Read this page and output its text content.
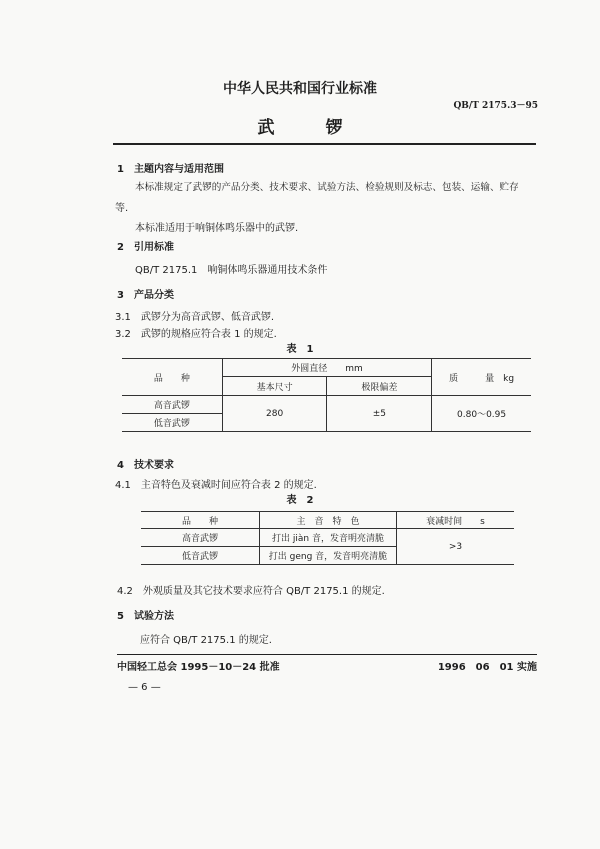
中华人民共和国行业标准
QB/T 2175.3－95
武　　　锣
1　主题内容与适用范围
本标准规定了武锣的产品分类、技术要求、试验方法、检验规则及标志、包装、运输、贮存
等.
本标准适用于响铜体鸣乐器中的武锣.
2　引用标准
QB/T 2175.1　响铜体鸣乐器通用技术条件
3　产品分类
3.1　武锣分为高音武锣、低音武锣.
3.2　武锣的规格应符合表 1 的规定.
表　1
品　　种	外圆直径　　mm		质　　　量　kg
	基本尺寸	极限偏差	
高音武锣	280	±5	0.80～0.95
低音武锣			
4　技术要求
4.1　主音特色及衰减时间应符合表 2 的规定.
表　2
品　　种	主　音　特　色	衰减时间　　s
高音武锣	打出 jiàn 音，发音明亮清脆	>3
低音武锣	打出 geng 音，发音明亮清脆	
4.2　外观质量及其它技术要求应符合 QB/T 2175.1 的规定.
5　试验方法
应符合 QB/T 2175.1 的规定.
中国轻工总会 1995－10－24 批准	1996　06　01 实施
— 6 —
